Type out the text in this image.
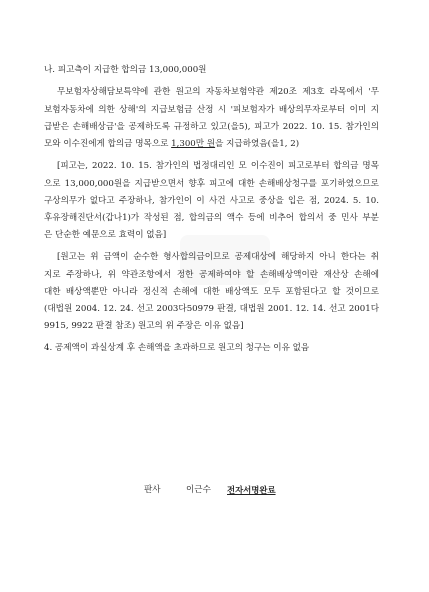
나. 피고측이 지급한 합의금 13,000,000원
무보험자상해담보특약에 관한 원고의 자동차보험약관 제20조 제3호 라목에서 '무
보험자동차에 의한 상해'의 지급보험금 산정 시 '피보험자가 배상의무자로부터 이미 지
급받은 손해배상금'을 공제하도록 규정하고 있고(을5), 피고가 2022. 10. 15. 참가인의
모와 이수진에게 합의금 명목으로 1,300만 원을 지급하였음(을1, 2)
[피고는, 2022. 10. 15. 참가인의 법정대리인 모 이수진이 피고로부터 합의금 명목
으로 13,000,000원을 지급받으면서 향후 피고에 대한 손해배상청구를 포기하였으므로
구상의무가 없다고 주장하나, 참가인이 이 사건 사고로 중상을 입은 점, 2024. 5. 10.
후유장해진단서(갑나1)가 작성된 점, 합의금의 액수 등에 비추어 합의서 중 민사 부분
은 단순한 예문으로 효력이 없음]
[원고는 위 금액이 순수한 형사합의금이므로 공제대상에 해당하지 아니 한다는 취
지로 주장하나, 위 약관조항에서 정한 공제하여야 할 손해배상액이란 재산상 손해에
대한 배상액뿐만 아니라 정신적 손해에 대한 배상액도 모두 포함된다고 할 것이므로
(대법원 2004. 12. 24. 선고 2003다50979 판결, 대법원 2001. 12. 14. 선고 2001다
9915, 9922 판결 참조) 원고의 위 주장은 이유 없음]
4. 공제액이 과실상계 후 손해액을 초과하므로 원고의 청구는 이유 없음
판사	이근수 전자서명완료
